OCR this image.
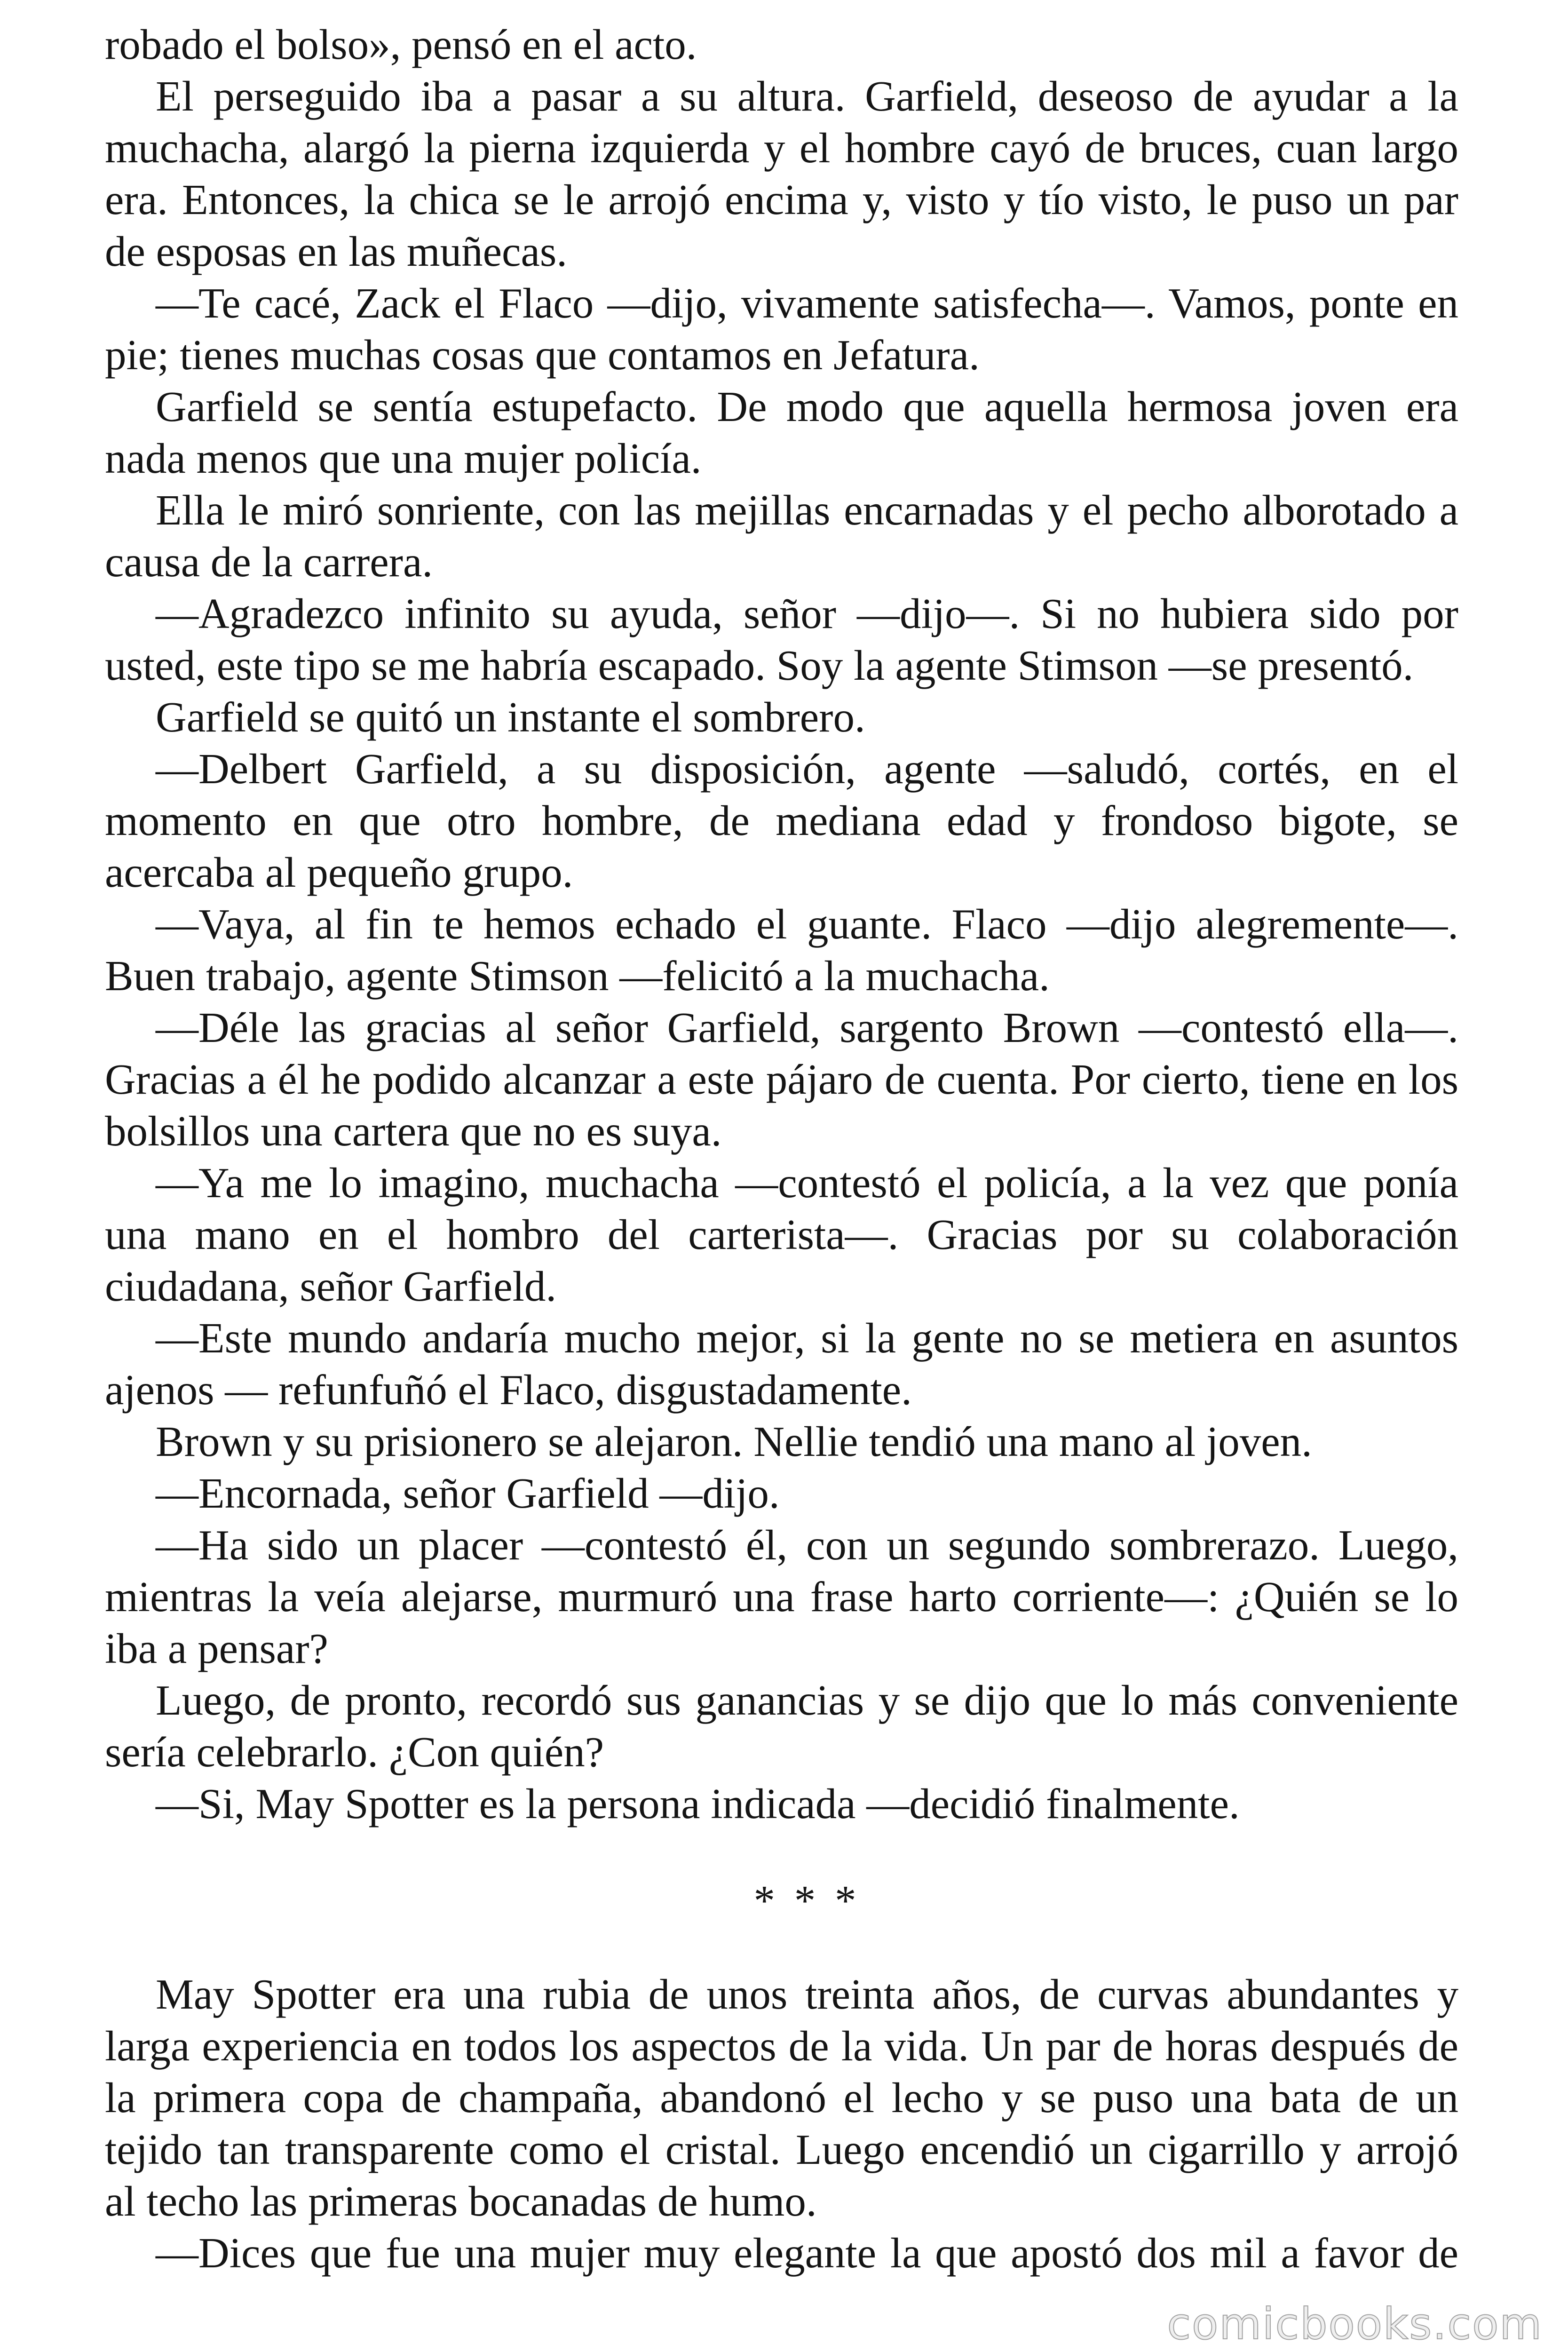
robado el bolso», pensó en el acto.
El perseguido iba a pasar a su altura. Garfield, deseoso de ayudar a la
muchacha, alargó la pierna izquierda y el hombre cayó de bruces, cuan largo
era. Entonces, la chica se le arrojó encima y, visto y tío visto, le puso un par
de esposas en las muñecas.
—Te cacé, Zack el Flaco —dijo, vivamente satisfecha—. Vamos, ponte en
pie; tienes muchas cosas que contamos en Jefatura.
Garfield se sentía estupefacto. De modo que aquella hermosa joven era
nada menos que una mujer policía.
Ella le miró sonriente, con las mejillas encarnadas y el pecho alborotado a
causa de la carrera.
—Agradezco infinito su ayuda, señor —dijo—. Si no hubiera sido por
usted, este tipo se me habría escapado. Soy la agente Stimson —se presentó.
Garfield se quitó un instante el sombrero.
—Delbert Garfield, a su disposición, agente —saludó, cortés, en el
momento en que otro hombre, de mediana edad y frondoso bigote, se
acercaba al pequeño grupo.
—Vaya, al fin te hemos echado el guante. Flaco —dijo alegremente—.
Buen trabajo, agente Stimson —felicitó a la muchacha.
—Déle las gracias al señor Garfield, sargento Brown —contestó ella—.
Gracias a él he podido alcanzar a este pájaro de cuenta. Por cierto, tiene en los
bolsillos una cartera que no es suya.
—Ya me lo imagino, muchacha —contestó el policía, a la vez que ponía
una mano en el hombro del carterista—. Gracias por su colaboración
ciudadana, señor Garfield.
—Este mundo andaría mucho mejor, si la gente no se metiera en asuntos
ajenos — refunfuñó el Flaco, disgustadamente.
Brown y su prisionero se alejaron. Nellie tendió una mano al joven.
—Encornada, señor Garfield —dijo.
—Ha sido un placer —contestó él, con un segundo sombrerazo. Luego,
mientras la veía alejarse, murmuró una frase harto corriente—: ¿Quién se lo
iba a pensar?
Luego, de pronto, recordó sus ganancias y se dijo que lo más conveniente
sería celebrarlo. ¿Con quién?
—Si, May Spotter es la persona indicada —decidió finalmente.
* * *
May Spotter era una rubia de unos treinta años, de curvas abundantes y
larga experiencia en todos los aspectos de la vida. Un par de horas después de
la primera copa de champaña, abandonó el lecho y se puso una bata de un
tejido tan transparente como el cristal. Luego encendió un cigarrillo y arrojó
al techo las primeras bocanadas de humo.
—Dices que fue una mujer muy elegante la que apostó dos mil a favor de
comicbooks.com
